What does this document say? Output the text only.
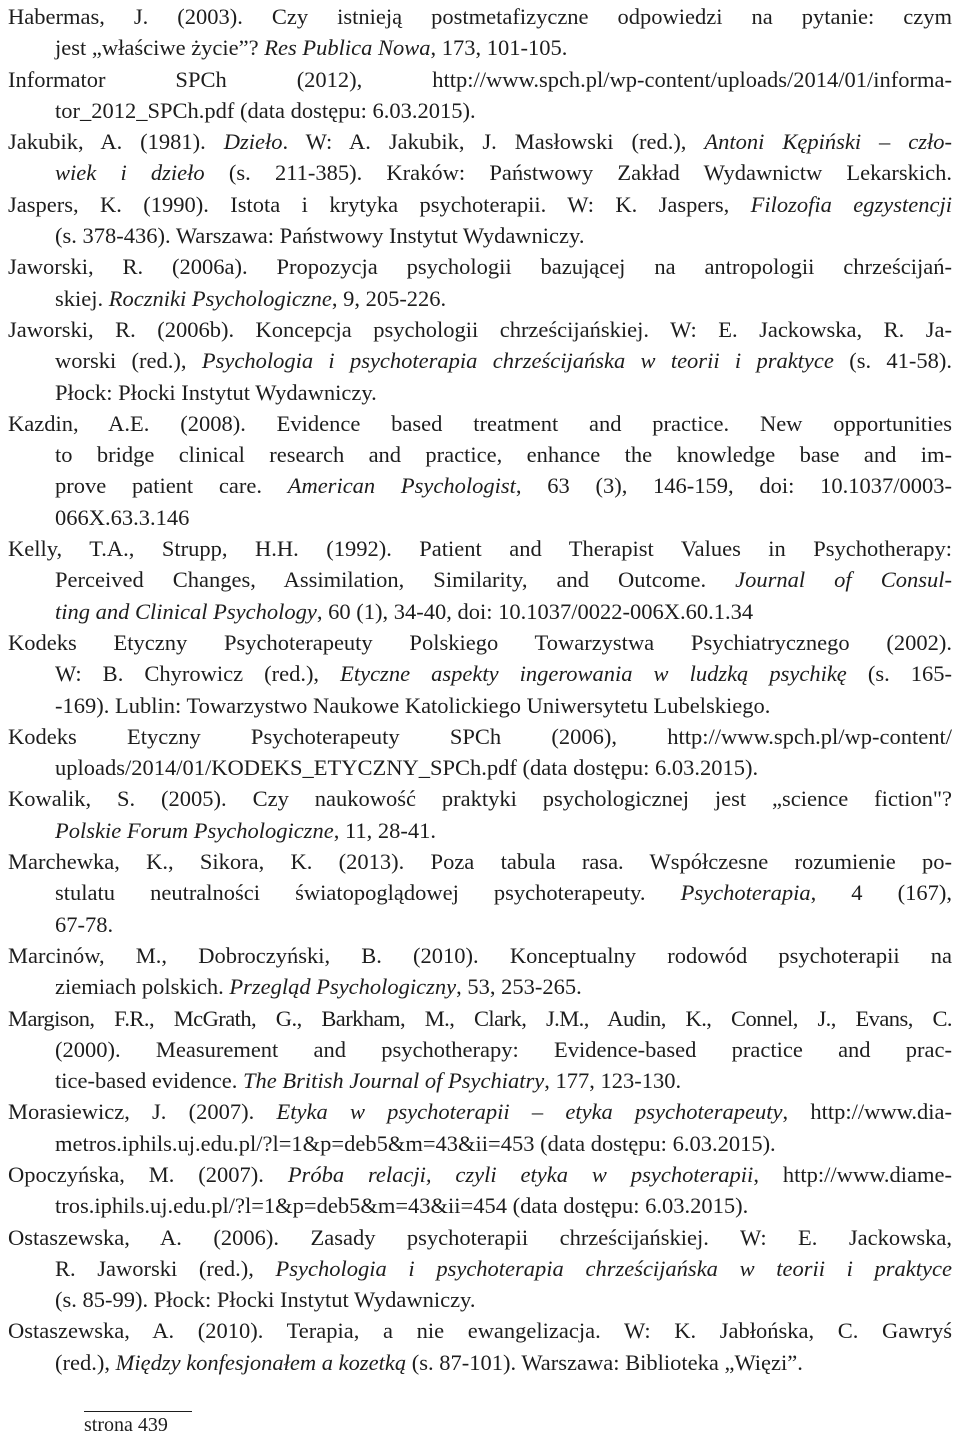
Habermas, J. (2003). Czy istnieją postmetafizyczne odpowiedzi na pytanie: czym
jest „właściwe życie”? Res Publica Nowa, 173, 101-105.

Informator SPCh (2012), http://www.spch.pl/wp-content/uploads/2014/01/informa-
tor_2012_SPCh.pdf (data dostępu: 6.03.2015).

Jakubik, A. (1981). Dzieło. W: A. Jakubik, J. Masłowski (red.), Antoni Kępiński – czło-
wiek i dzieło (s. 211-385). Kraków: Państwowy Zakład Wydawnictw Lekarskich.

Jaspers, K. (1990). Istota i krytyka psychoterapii. W: K. Jaspers, Filozofia egzystencji
(s. 378-436). Warszawa: Państwowy Instytut Wydawniczy.

Jaworski, R. (2006a). Propozycja psychologii bazującej na antropologii chrześcijań-
skiej. Roczniki Psychologiczne, 9, 205-226.

Jaworski, R. (2006b). Koncepcja psychologii chrześcijańskiej. W: E. Jackowska, R. Ja-
worski (red.), Psychologia i psychoterapia chrześcijańska w teorii i praktyce (s. 41-58).
Płock: Płocki Instytut Wydawniczy.

Kazdin, A.E. (2008). Evidence based treatment and practice. New opportunities
to bridge clinical research and practice, enhance the knowledge base and im-
prove patient care. American Psychologist, 63 (3), 146-159, doi: 10.1037/0003-
066X.63.3.146

Kelly, T.A., Strupp, H.H. (1992). Patient and Therapist Values in Psychotherapy:
Perceived Changes, Assimilation, Similarity, and Outcome. Journal of Consul-
ting and Clinical Psychology, 60 (1), 34-40, doi: 10.1037/0022-006X.60.1.34

Kodeks Etyczny Psychoterapeuty Polskiego Towarzystwa Psychiatrycznego (2002).
W: B. Chyrowicz (red.), Etyczne aspekty ingerowania w ludzką psychikę (s. 165-
-169). Lublin: Towarzystwo Naukowe Katolickiego Uniwersytetu Lubelskiego.

Kodeks Etyczny Psychoterapeuty SPCh (2006), http://www.spch.pl/wp-content/
uploads/2014/01/KODEKS_ETYCZNY_SPCh.pdf (data dostępu: 6.03.2015).

Kowalik, S. (2005). Czy naukowość praktyki psychologicznej jest „science fiction"?
Polskie Forum Psychologiczne, 11, 28-41.

Marchewka, K., Sikora, K. (2013). Poza tabula rasa. Współczesne rozumienie po-
stulatu neutralności światopoglądowej psychoterapeuty. Psychoterapia, 4 (167),
67-78.

Marcinów, M., Dobroczyński, B. (2010). Konceptualny rodowód psychoterapii na
ziemiach polskich. Przegląd Psychologiczny, 53, 253-265.

Margison, F.R., McGrath, G., Barkham, M., Clark, J.M., Audin, K., Connel, J., Evans, C.
(2000). Measurement and psychotherapy: Evidence-based practice and prac-
tice-based evidence. The British Journal of Psychiatry, 177, 123-130.

Morasiewicz, J. (2007). Etyka w psychoterapii – etyka psychoterapeuty, http://www.dia-
metros.iphils.uj.edu.pl/?l=1&p=deb5&m=43&ii=453 (data dostępu: 6.03.2015).

Opoczyńska, M. (2007). Próba relacji, czyli etyka w psychoterapii, http://www.diame-
tros.iphils.uj.edu.pl/?l=1&p=deb5&m=43&ii=454 (data dostępu: 6.03.2015).

Ostaszewska, A. (2006). Zasady psychoterapii chrześcijańskiej. W: E. Jackowska,
R. Jaworski (red.), Psychologia i psychoterapia chrześcijańska w teorii i praktyce
(s. 85-99). Płock: Płocki Instytut Wydawniczy.

Ostaszewska, A. (2010). Terapia, a nie ewangelizacja. W: K. Jabłońska, C. Gawryś
(red.), Między konfesjonałem a kozetką (s. 87-101). Warszawa: Biblioteka „Więzi”.

strona 439
